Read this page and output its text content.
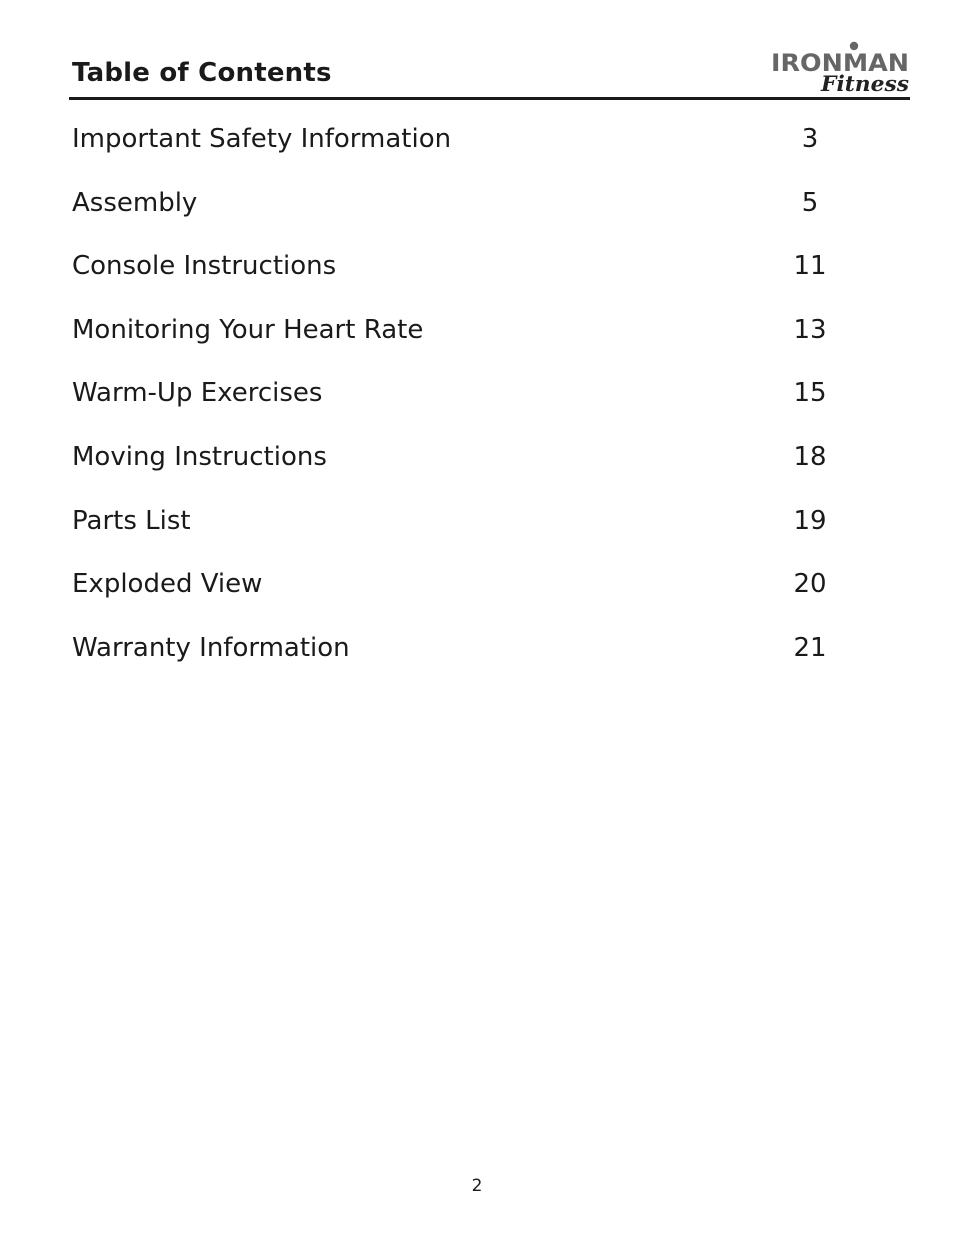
Table of Contents	IRONMAN
Fitness
Important Safety Information	3
Assembly	5
Console Instructions	11
Monitoring Your Heart Rate	13
Warm-Up Exercises	15
Moving Instructions	18
Parts List	19
Exploded View	20
Warranty Information	21
2
